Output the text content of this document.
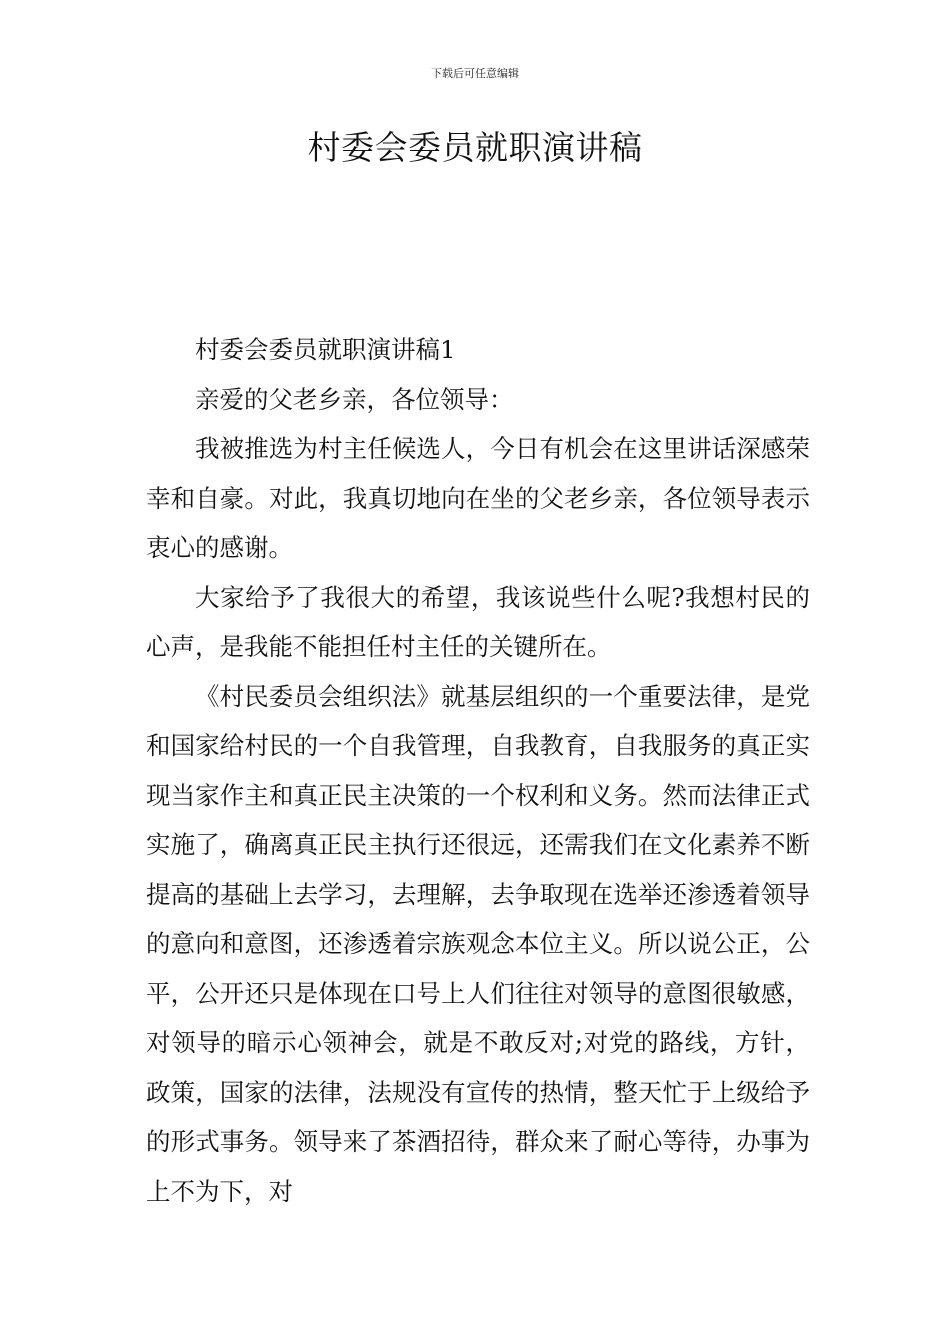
下载后可任意编辑
村委会委员就职演讲稿

村委会委员就职演讲稿1

亲爱的父老乡亲，各位领导：

我被推选为村主任候选人，今日有机会在这里讲话深感荣幸和自豪。对此，我真切地向在坐的父老乡亲，各位领导表示衷心的感谢。

大家给予了我很大的希望，我该说些什么呢?我想村民的心声，是我能不能担任村主任的关键所在。

《村民委员会组织法》就基层组织的一个重要法律，是党和国家给村民的一个自我管理，自我教育，自我服务的真正实现当家作主和真正民主决策的一个权利和义务。然而法律正式实施了，确离真正民主执行还很远，还需我们在文化素养不断提高的基础上去学习，去理解，去争取现在选举还渗透着领导的意向和意图，还渗透着宗族观念本位主义。所以说公正，公平，公开还只是体现在口号上人们往往对领导的意图很敏感，对领导的暗示心领神会，就是不敢反对;对党的路线，方针，政策，国家的法律，法规没有宣传的热情，整天忙于上级给予的形式事务。领导来了茶酒招待，群众来了耐心等待，办事为上不为下，对
